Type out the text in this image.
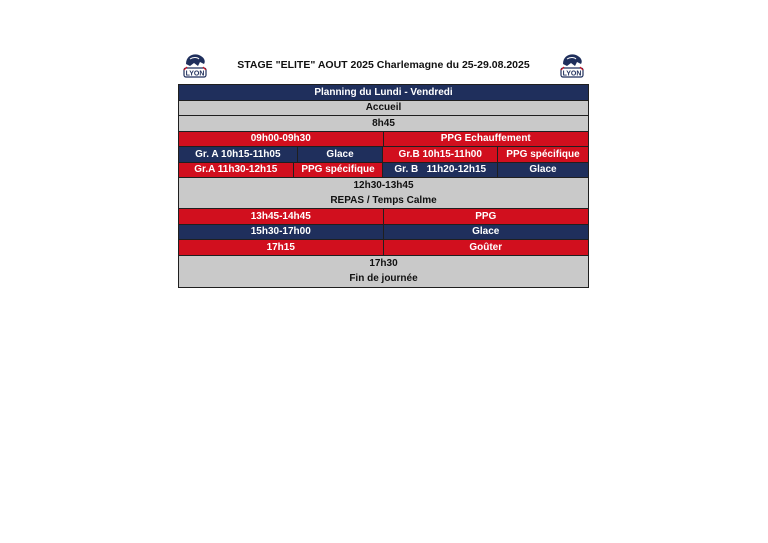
LYON
STAGE "ELITE" AOUT 2025 Charlemagne du 25-29.08.2025
LYON
Planning du Lundi - Vendredi
Accueil
8h45
09h00-09h30	PPG Echauffement
Gr. A 10h15-11h05	Glace	Gr.B 10h15-11h00	PPG spécifique
Gr.A 11h30-12h15	PPG spécifique	Gr. B   11h20-12h15	Glace
12h30-13h45
REPAS / Temps Calme
13h45-14h45	PPG
15h30-17h00	Glace
17h15	Goûter
17h30
Fin de journée
